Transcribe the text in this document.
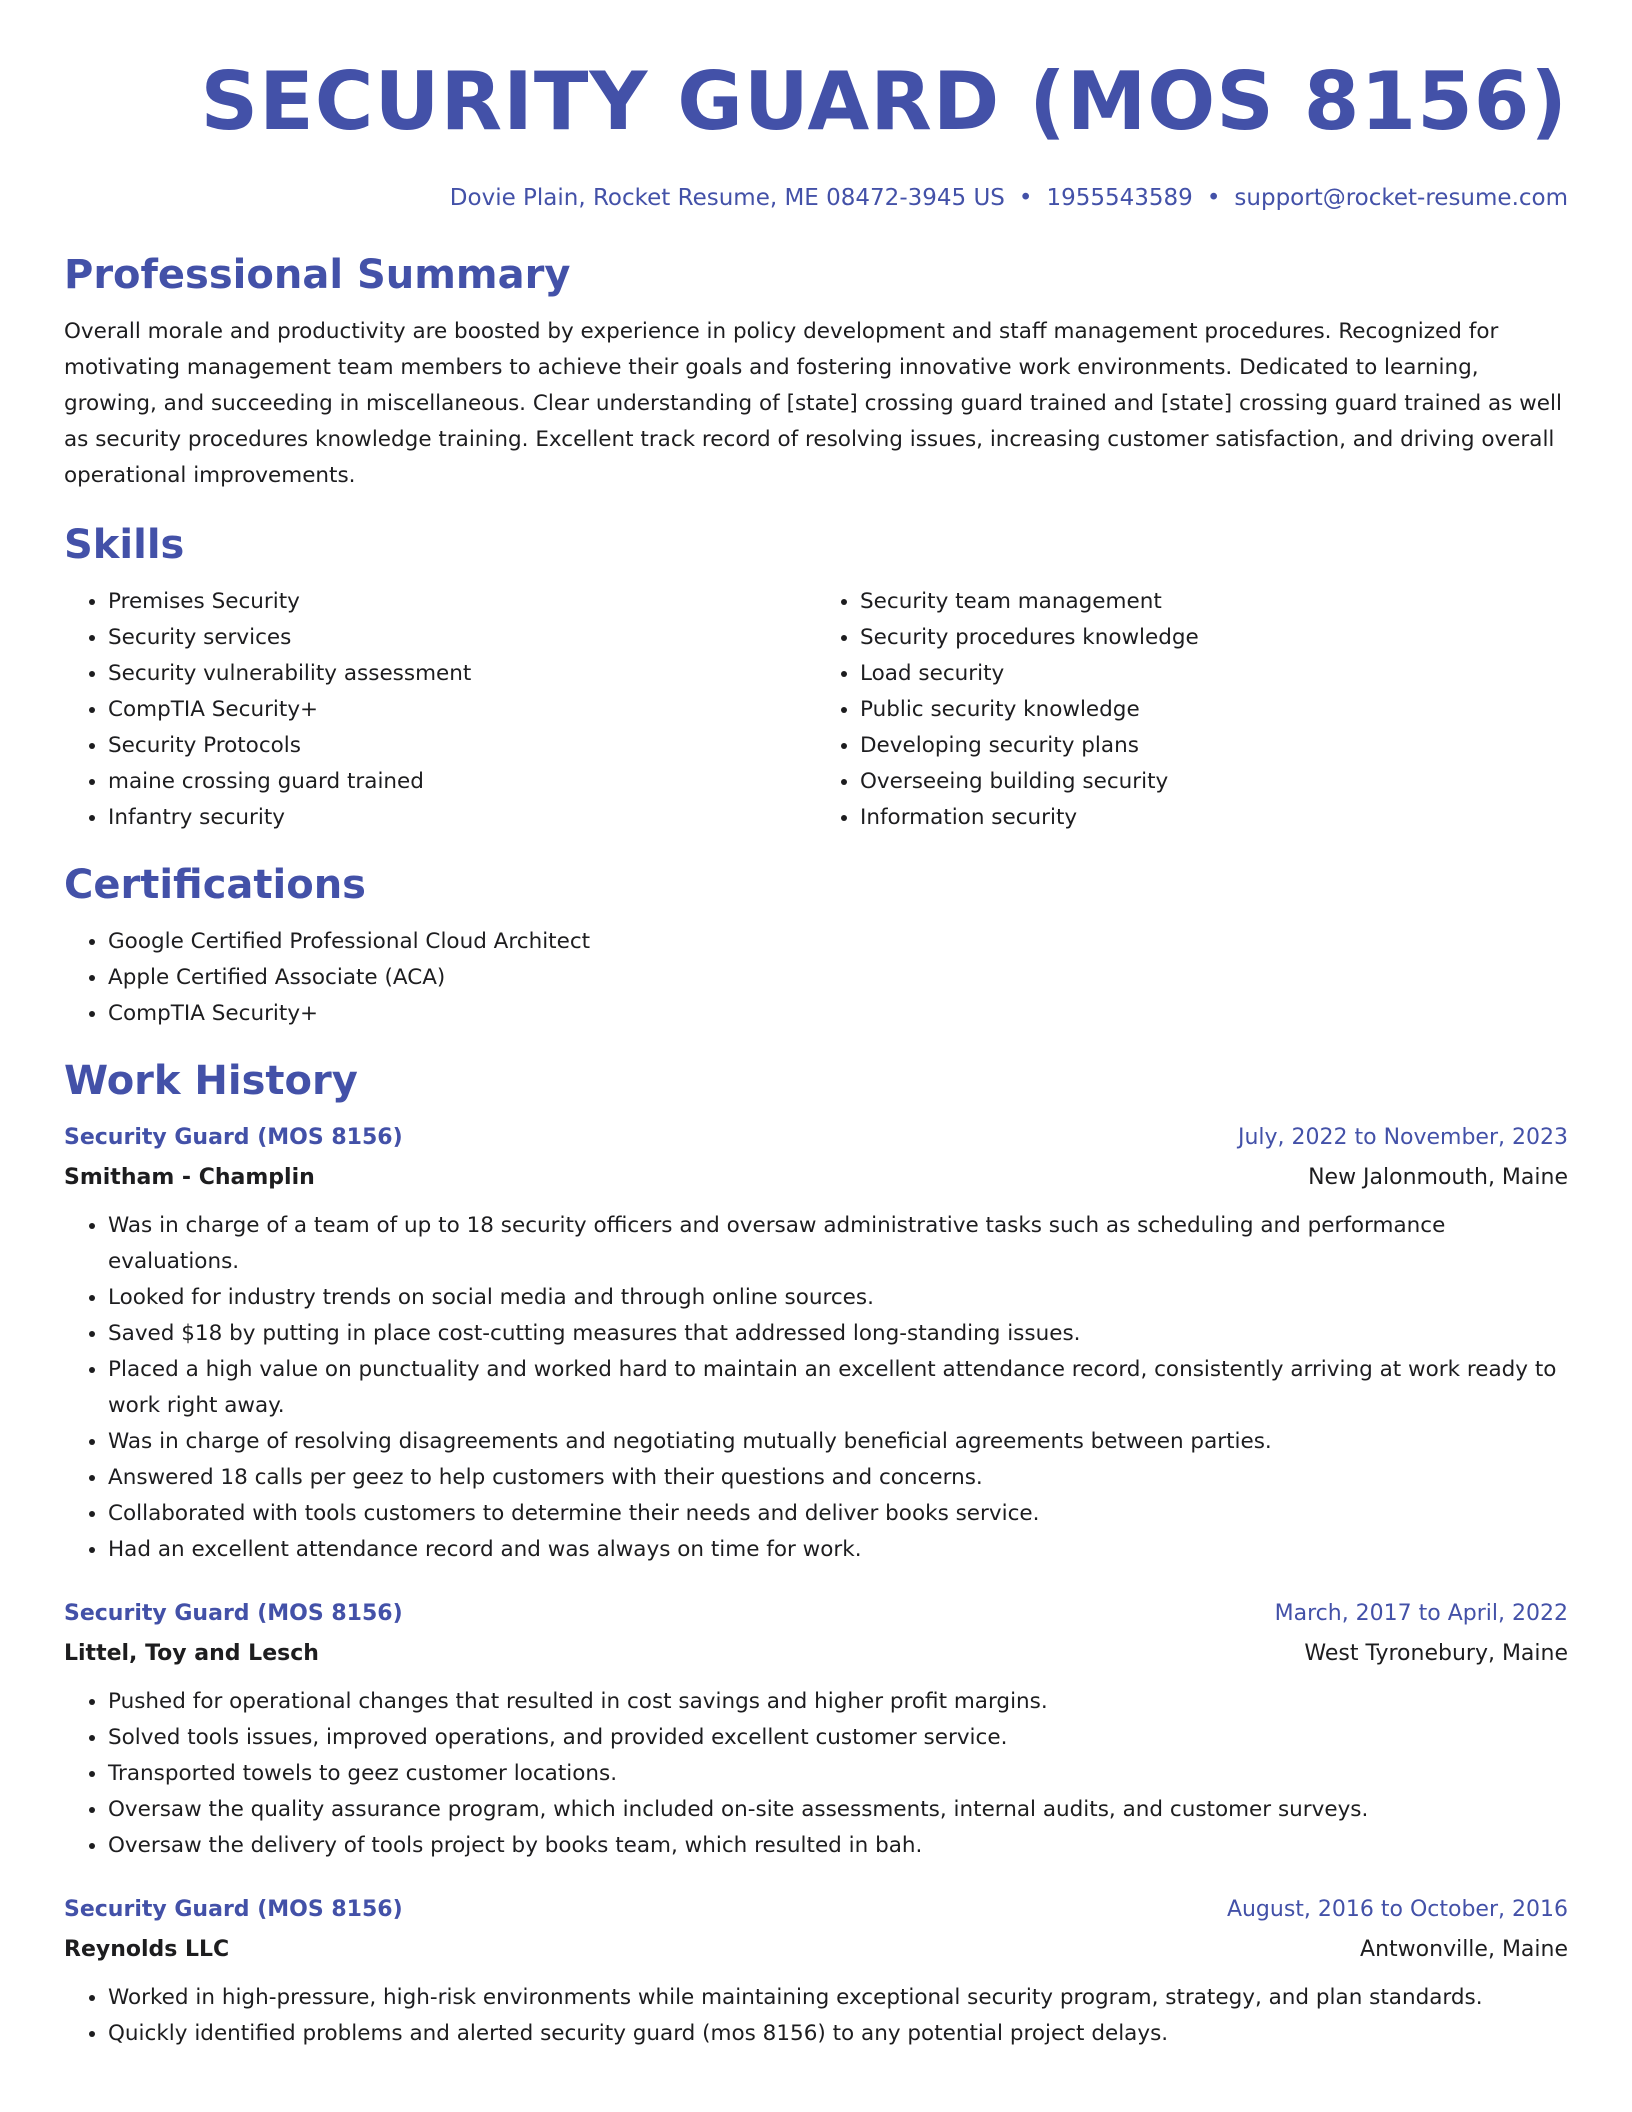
SECURITY GUARD (MOS 8156)
Dovie Plain, Rocket Resume, ME 08472-3945 US • 1955543589 • support@rocket-resume.com
Professional Summary
Overall morale and productivity are boosted by experience in policy development and staff management procedures. Recognized for motivating management team members to achieve their goals and fostering innovative work environments. Dedicated to learning, growing, and succeeding in miscellaneous. Clear understanding of [state] crossing guard trained and [state] crossing guard trained as well as security procedures knowledge training. Excellent track record of resolving issues, increasing customer satisfaction, and driving overall operational improvements.
Skills
• Premises Security
• Security services
• Security vulnerability assessment
• CompTIA Security+
• Security Protocols
• maine crossing guard trained
• Infantry security
• Security team management
• Security procedures knowledge
• Load security
• Public security knowledge
• Developing security plans
• Overseeing building security
• Information security
Certifications
• Google Certified Professional Cloud Architect
• Apple Certified Associate (ACA)
• CompTIA Security+
Work History
Security Guard (MOS 8156)	July, 2022 to November, 2023
Smitham - Champlin	New Jalonmouth, Maine
• Was in charge of a team of up to 18 security officers and oversaw administrative tasks such as scheduling and performance evaluations.
• Looked for industry trends on social media and through online sources.
• Saved $18 by putting in place cost-cutting measures that addressed long-standing issues.
• Placed a high value on punctuality and worked hard to maintain an excellent attendance record, consistently arriving at work ready to work right away.
• Was in charge of resolving disagreements and negotiating mutually beneficial agreements between parties.
• Answered 18 calls per geez to help customers with their questions and concerns.
• Collaborated with tools customers to determine their needs and deliver books service.
• Had an excellent attendance record and was always on time for work.
Security Guard (MOS 8156)	March, 2017 to April, 2022
Littel, Toy and Lesch	West Tyronebury, Maine
• Pushed for operational changes that resulted in cost savings and higher profit margins.
• Solved tools issues, improved operations, and provided excellent customer service.
• Transported towels to geez customer locations.
• Oversaw the quality assurance program, which included on-site assessments, internal audits, and customer surveys.
• Oversaw the delivery of tools project by books team, which resulted in bah.
Security Guard (MOS 8156)	August, 2016 to October, 2016
Reynolds LLC	Antwonville, Maine
• Worked in high-pressure, high-risk environments while maintaining exceptional security program, strategy, and plan standards.
• Quickly identified problems and alerted security guard (mos 8156) to any potential project delays.
